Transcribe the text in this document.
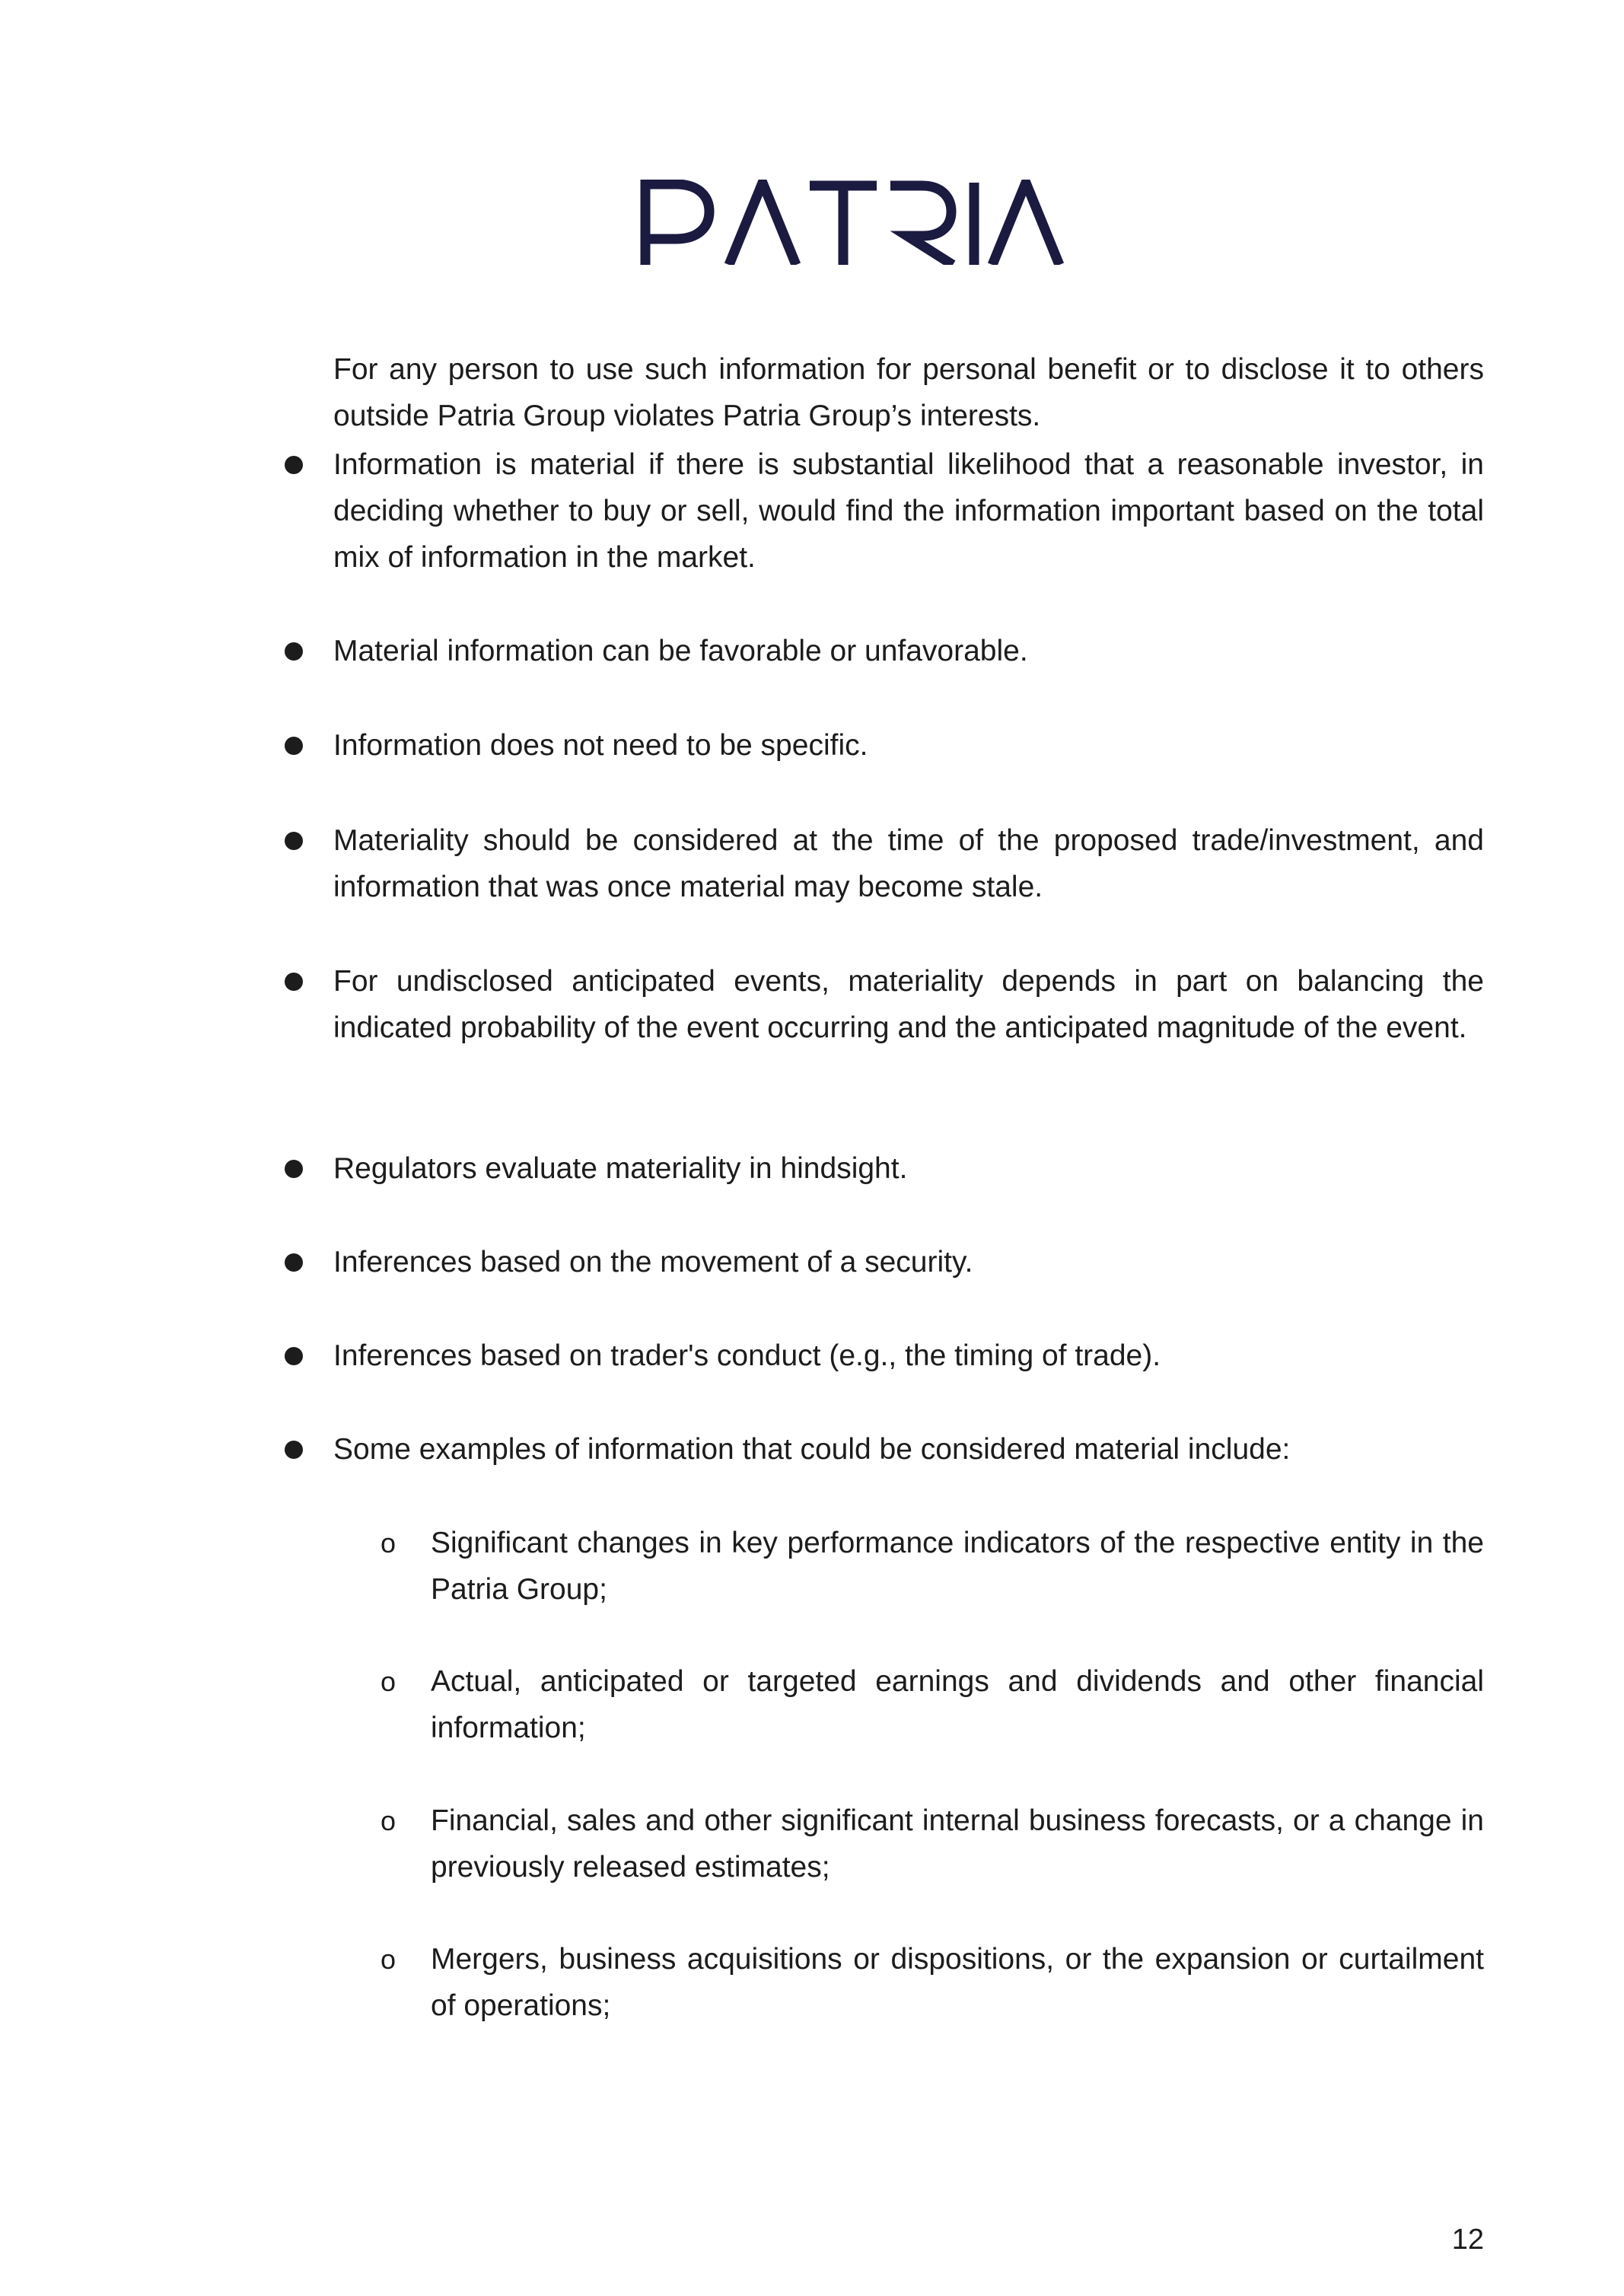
For any person to use such information for personal benefit or to disclose it to others outside Patria Group violates Patria Group’s interests.

Information is material if there is substantial likelihood that a reasonable investor, in deciding whether to buy or sell, would find the information important based on the total mix of information in the market.

Material information can be favorable or unfavorable.

Information does not need to be specific.

Materiality should be considered at the time of the proposed trade/investment, and information that was once material may become stale.

For undisclosed anticipated events, materiality depends in part on balancing the indicated probability of the event occurring and the anticipated magnitude of the event.

Regulators evaluate materiality in hindsight.

Inferences based on the movement of a security.

Inferences based on trader's conduct (e.g., the timing of trade).

Some examples of information that could be considered material include:

o Significant changes in key performance indicators of the respective entity in the Patria Group;

o Actual, anticipated or targeted earnings and dividends and other financial information;

o Financial, sales and other significant internal business forecasts, or a change in previously released estimates;

o Mergers, business acquisitions or dispositions, or the expansion or curtailment of operations;

12
